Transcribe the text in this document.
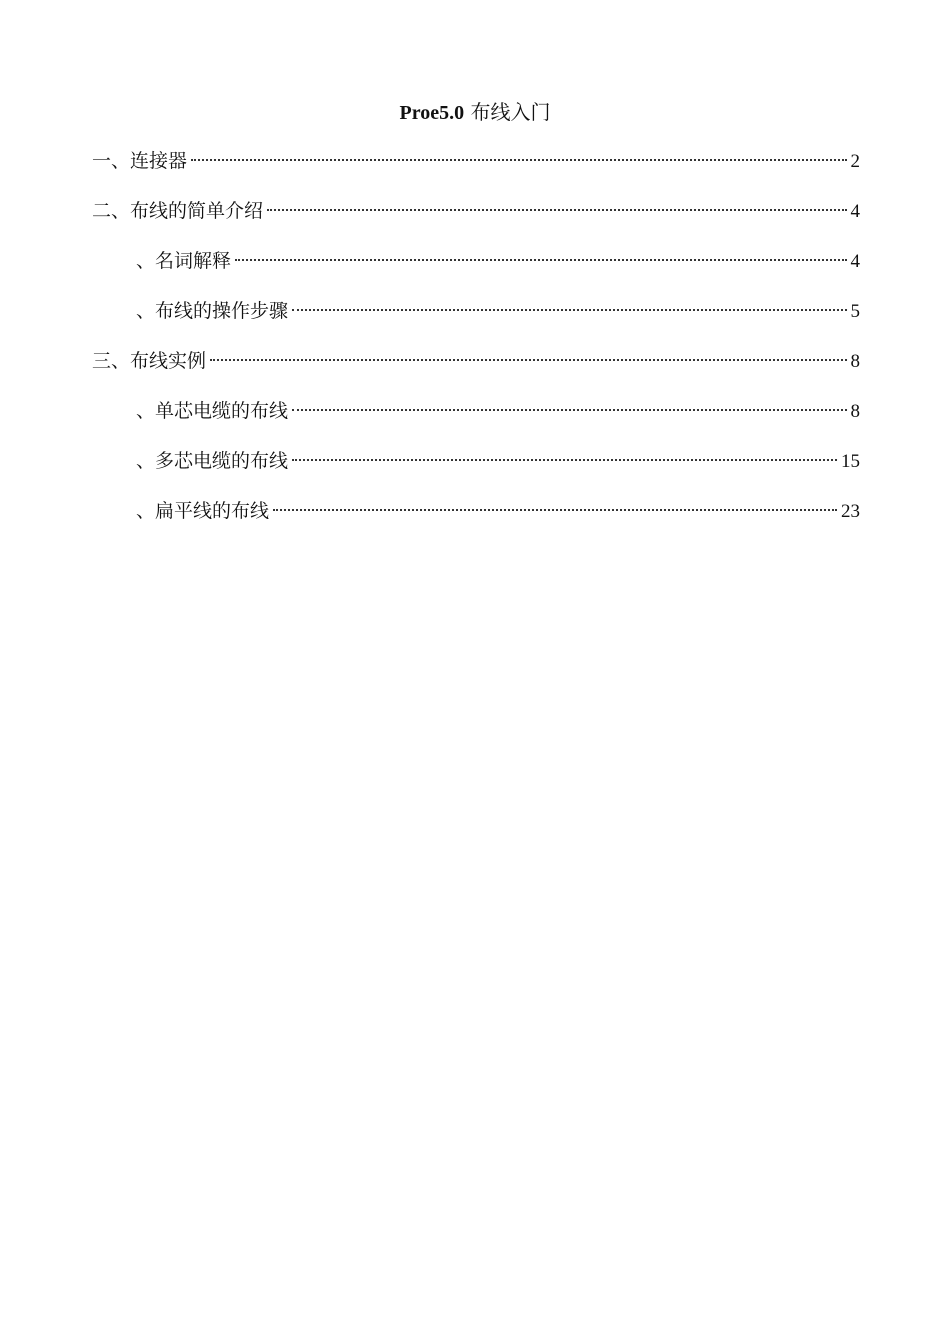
Proe5.0 布线入门
一、连接器	2
二、布线的简单介绍	4
、名词解释	4
、布线的操作步骤	5
三、布线实例	8
、单芯电缆的布线	8
、多芯电缆的布线	15
、扁平线的布线	23
